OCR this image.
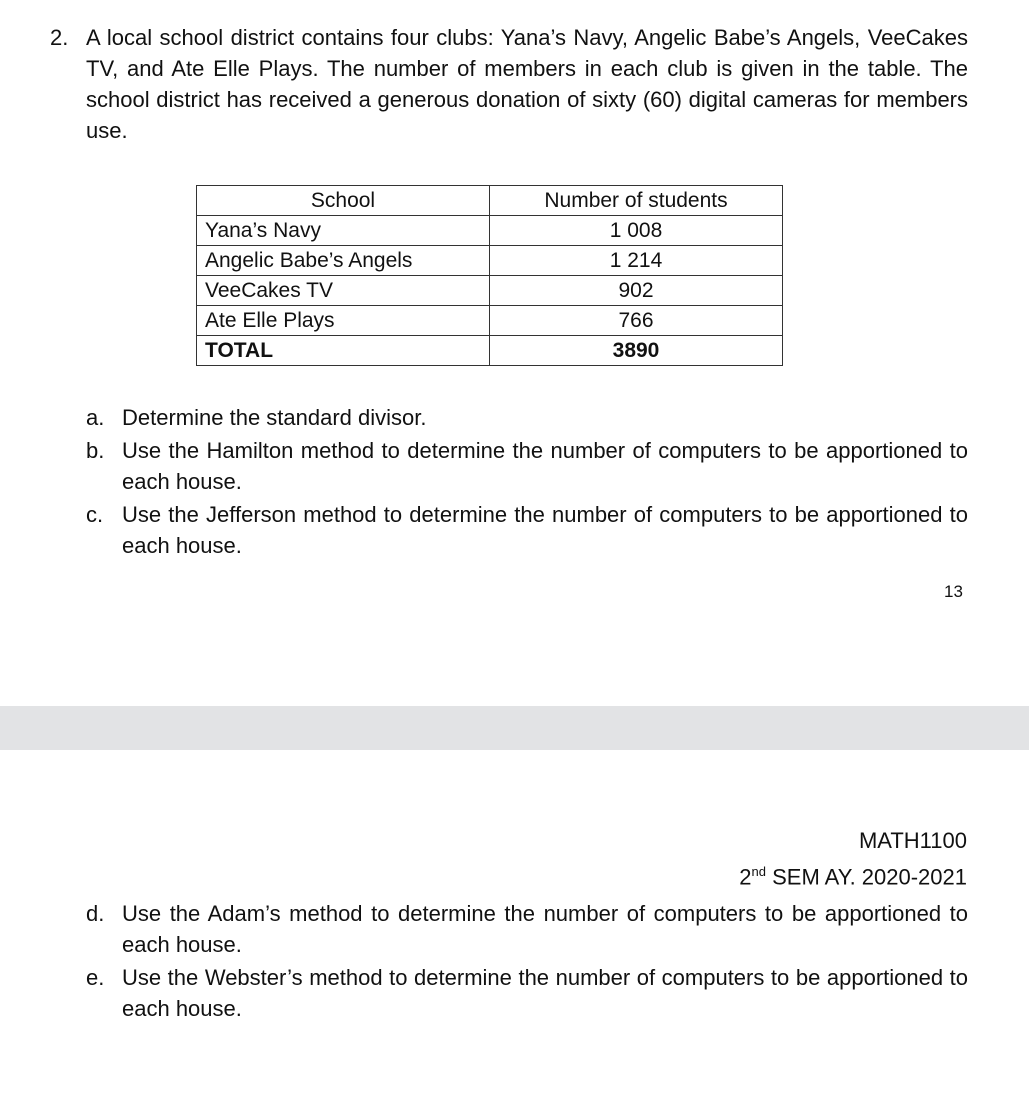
2. A local school district contains four clubs: Yana’s Navy, Angelic Babe’s Angels, VeeCakes TV, and Ate Elle Plays. The number of members in each club is given in the table. The school district has received a generous donation of sixty (60) digital cameras for members use.
School	Number of students
Yana’s Navy	1 008
Angelic Babe’s Angels	1 214
VeeCakes TV	902
Ate Elle Plays	766
TOTAL	3890
a. Determine the standard divisor.
b. Use the Hamilton method to determine the number of computers to be apportioned to each house.
c. Use the Jefferson method to determine the number of computers to be apportioned to each house.
13
MATH1100
2nd SEM AY. 2020-2021
d. Use the Adam’s method to determine the number of computers to be apportioned to each house.
e. Use the Webster’s method to determine the number of computers to be apportioned to each house.
